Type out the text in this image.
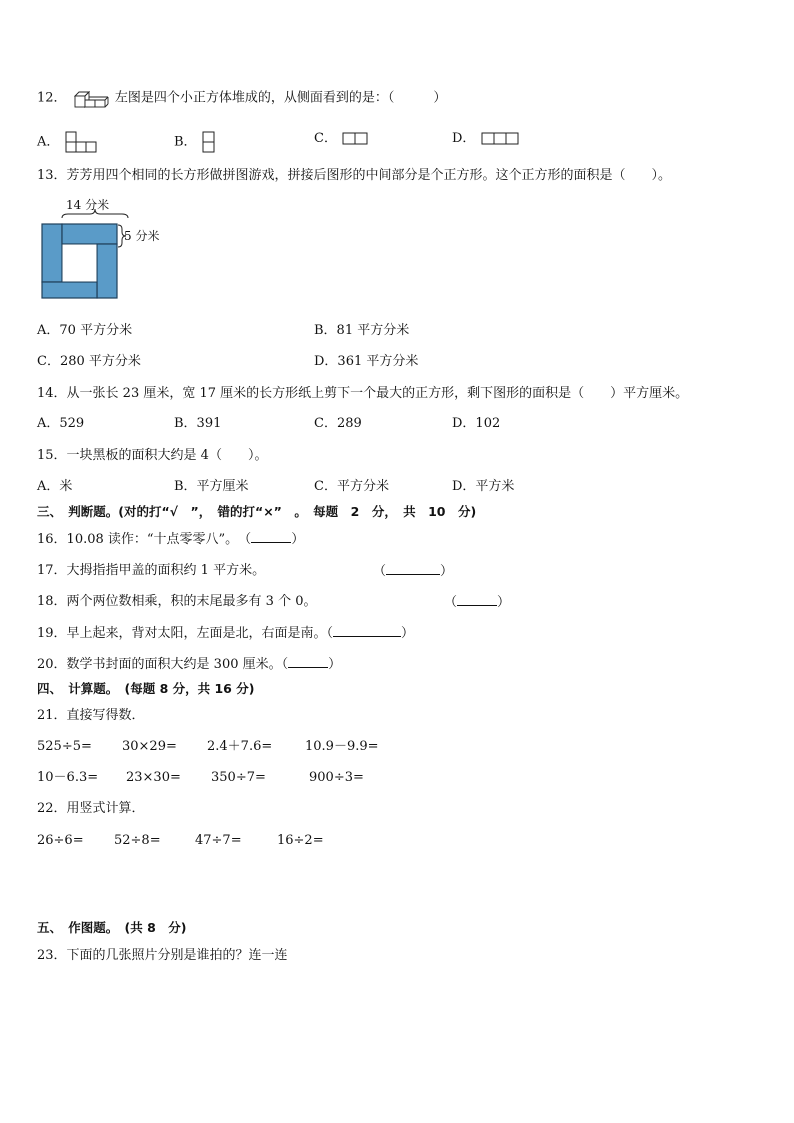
12．	左图是四个小正方体堆成的，从侧面看到的是：（　　　）
A．	B．	C．	D．
13．芳芳用四个相同的长方形做拼图游戏，拼接后图形的中间部分是个正方形。这个正方形的面积是（　　）。
14 分米
5 分米
A．70 平方分米	B．81 平方分米
C．280 平方分米	D．361 平方分米
14．从一张长 23 厘米，宽 17 厘米的长方形纸上剪下一个最大的正方形，剩下图形的面积是（　　）平方厘米。
A．529	B．391	C．289	D．102
15．一块黑板的面积大约是 4（　　）。
A．米	B．平方厘米	C．平方分米	D．平方米
三、　判断题。(对的打“√　”，　错的打“×”　。　每题　2　分，　共　10　分)
16．10.08 读作：“十点零零八”。　（	）
17．大拇指指甲盖的面积约 1 平方米。	（	）
18．两个两位数相乘，积的末尾最多有 3 个 0。	（	）
19．早上起来，背对太阳，左面是北，右面是南。（	）
20．数学书封面的面积大约是 300 厘米。（	）
四、　计算题。　(每题 8 分，共 16 分)
21．直接写得数．
525÷5= 30×29= 2.4＋7.6=	10.9－9.9=
10－6.3= 23×30= 350÷7=	900÷3=
22．用竖式计算．
26÷6= 52÷8=	47÷7=	16÷2=
五、　作图题。　(共 8　分)
23．下面的几张照片分别是谁拍的？连一连
